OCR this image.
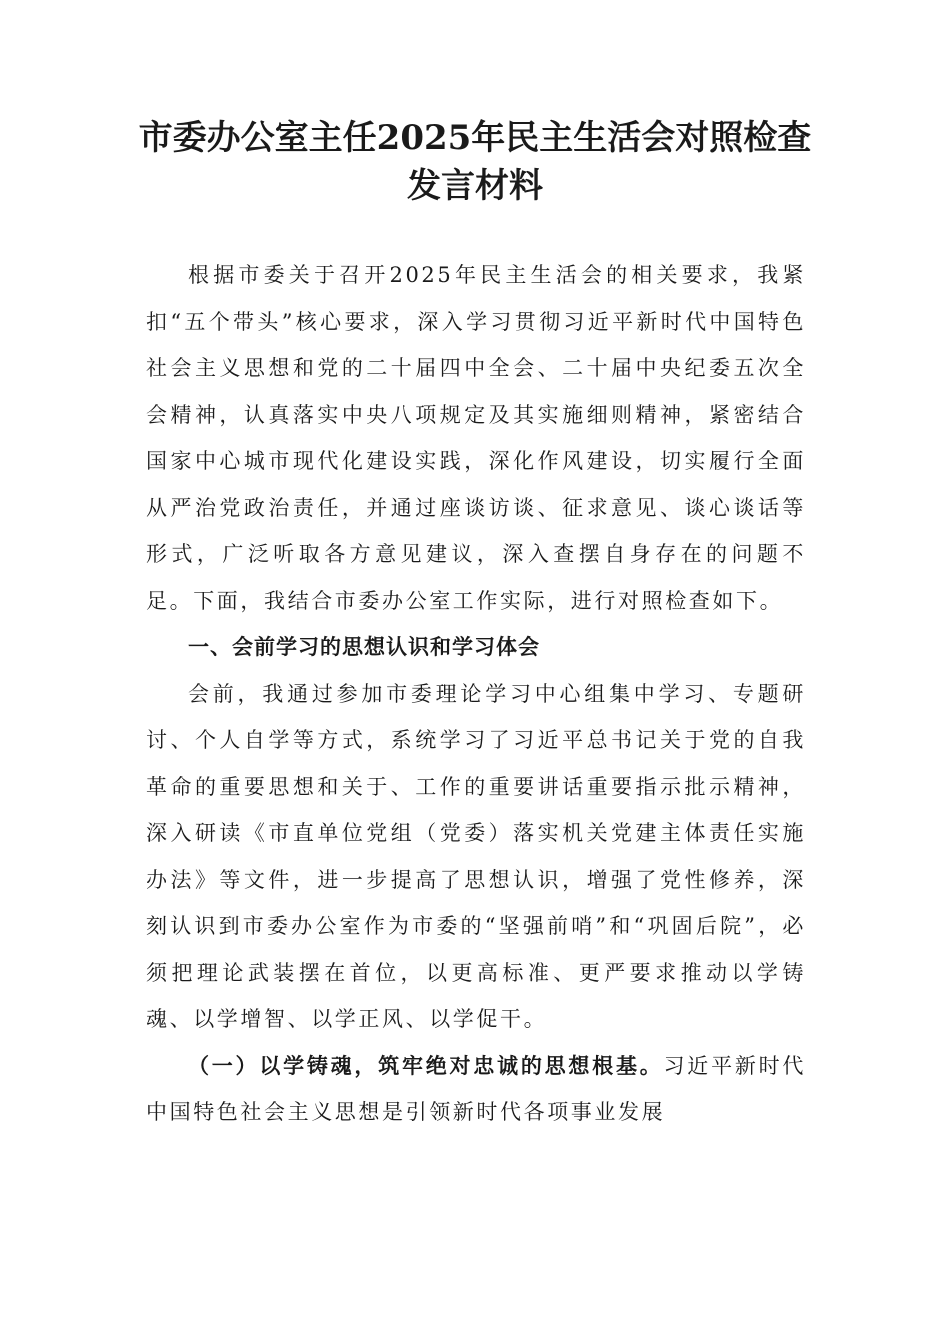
市委办公室主任2025年民主生活会对照检查发言材料

根据市委关于召开2025年民主生活会的相关要求，我紧扣“五个带头”核心要求，深入学习贯彻习近平新时代中国特色社会主义思想和党的二十届四中全会、二十届中央纪委五次全会精神，认真落实中央八项规定及其实施细则精神，紧密结合国家中心城市现代化建设实践，深化作风建设，切实履行全面从严治党政治责任，并通过座谈访谈、征求意见、谈心谈话等形式，广泛听取各方意见建议，深入查摆自身存在的问题不足。下面，我结合市委办公室工作实际，进行对照检查如下。

一、会前学习的思想认识和学习体会

会前，我通过参加市委理论学习中心组集中学习、专题研讨、个人自学等方式，系统学习了习近平总书记关于党的自我革命的重要思想和关于、工作的重要讲话重要指示批示精神，深入研读《市直单位党组（党委）落实机关党建主体责任实施办法》等文件，进一步提高了思想认识，增强了党性修养，深刻认识到市委办公室作为市委的“坚强前哨”和“巩固后院”，必须把理论武装摆在首位，以更高标准、更严要求推动以学铸魂、以学增智、以学正风、以学促干。

（一）以学铸魂，筑牢绝对忠诚的思想根基。习近平新时代中国特色社会主义思想是引领新时代各项事业发展
